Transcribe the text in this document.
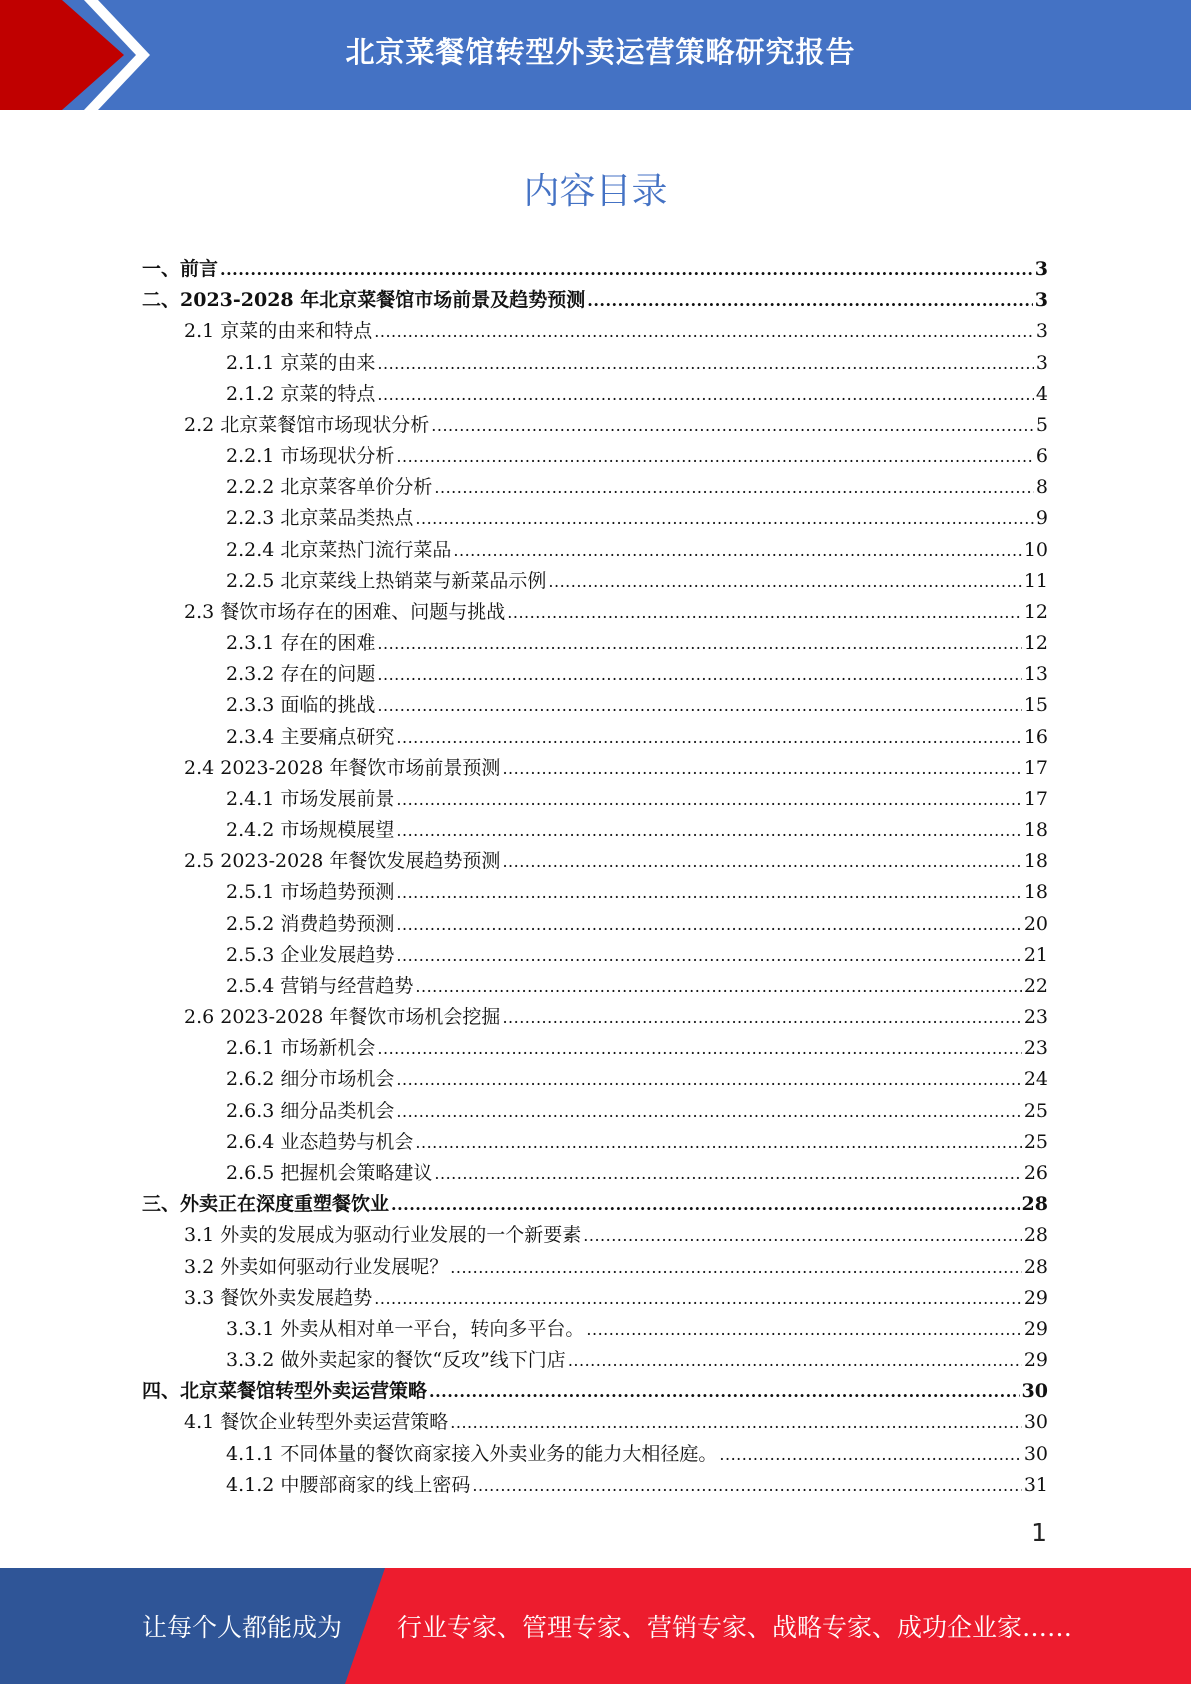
北京菜餐馆转型外卖运营策略研究报告
内容目录
一、前言 .....	3
二、2023-2028 年北京菜餐馆市场前景及趋势预测 .....	3
2.1 京菜的由来和特点 .....	3
2.1.1 京菜的由来 .....	3
2.1.2 京菜的特点 .....	4
2.2 北京菜餐馆市场现状分析 .....	5
2.2.1 市场现状分析 .....	6
2.2.2 北京菜客单价分析 .....	8
2.2.3 北京菜品类热点 .....	9
2.2.4 北京菜热门流行菜品 .....	10
2.2.5 北京菜线上热销菜与新菜品示例 .....	11
2.3 餐饮市场存在的困难、问题与挑战 .....	12
2.3.1 存在的困难 .....	12
2.3.2 存在的问题 .....	13
2.3.3 面临的挑战 .....	15
2.3.4 主要痛点研究 .....	16
2.4 2023-2028 年餐饮市场前景预测 .....	17
2.4.1 市场发展前景 .....	17
2.4.2 市场规模展望 .....	18
2.5 2023-2028 年餐饮发展趋势预测 .....	18
2.5.1 市场趋势预测 .....	18
2.5.2 消费趋势预测 .....	20
2.5.3 企业发展趋势 .....	21
2.5.4 营销与经营趋势 .....	22
2.6 2023-2028 年餐饮市场机会挖掘 .....	23
2.6.1 市场新机会 .....	23
2.6.2 细分市场机会 .....	24
2.6.3 细分品类机会 .....	25
2.6.4 业态趋势与机会 .....	25
2.6.5 把握机会策略建议 .....	26
三、外卖正在深度重塑餐饮业 .....	28
3.1 外卖的发展成为驱动行业发展的一个新要素 .....	28
3.2 外卖如何驱动行业发展呢？ .....	28
3.3 餐饮外卖发展趋势 .....	29
3.3.1 外卖从相对单一平台，转向多平台。 .....	29
3.3.2 做外卖起家的餐饮“反攻”线下门店 .....	29
四、北京菜餐馆转型外卖运营策略 .....	30
4.1 餐饮企业转型外卖运营策略 .....	30
4.1.1 不同体量的餐饮商家接入外卖业务的能力大相径庭。 .....	30
4.1.2 中腰部商家的线上密码 .....	31
1
让每个人都能成为 行业专家、管理专家、营销专家、战略专家、成功企业家……
